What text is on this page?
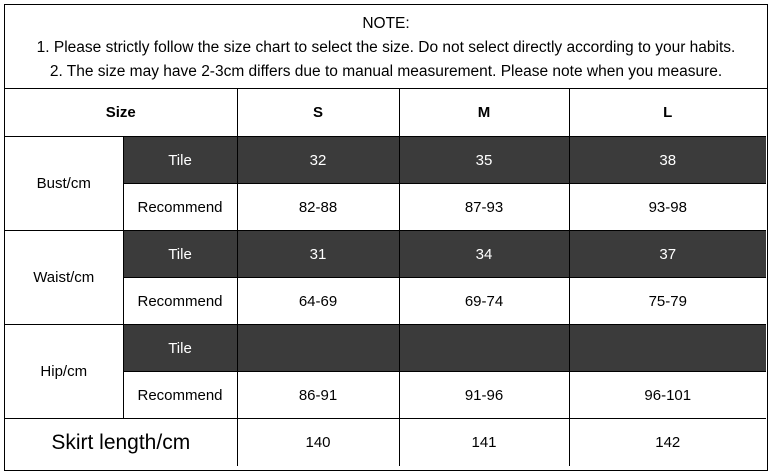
NOTE:
1. Please strictly follow the size chart to select the size. Do not select directly according to your habits.
2. The size may have 2-3cm differs due to manual measurement. Please note when you measure.
Size		S	M	L
Bust/cm	Tile	32	35	38
	Recommend	82-88	87-93	93-98
Waist/cm	Tile	31	34	37
	Recommend	64-69	69-74	75-79
Hip/cm	Tile			
	Recommend	86-91	91-96	96-101
Skirt length/cm		140	141	142
